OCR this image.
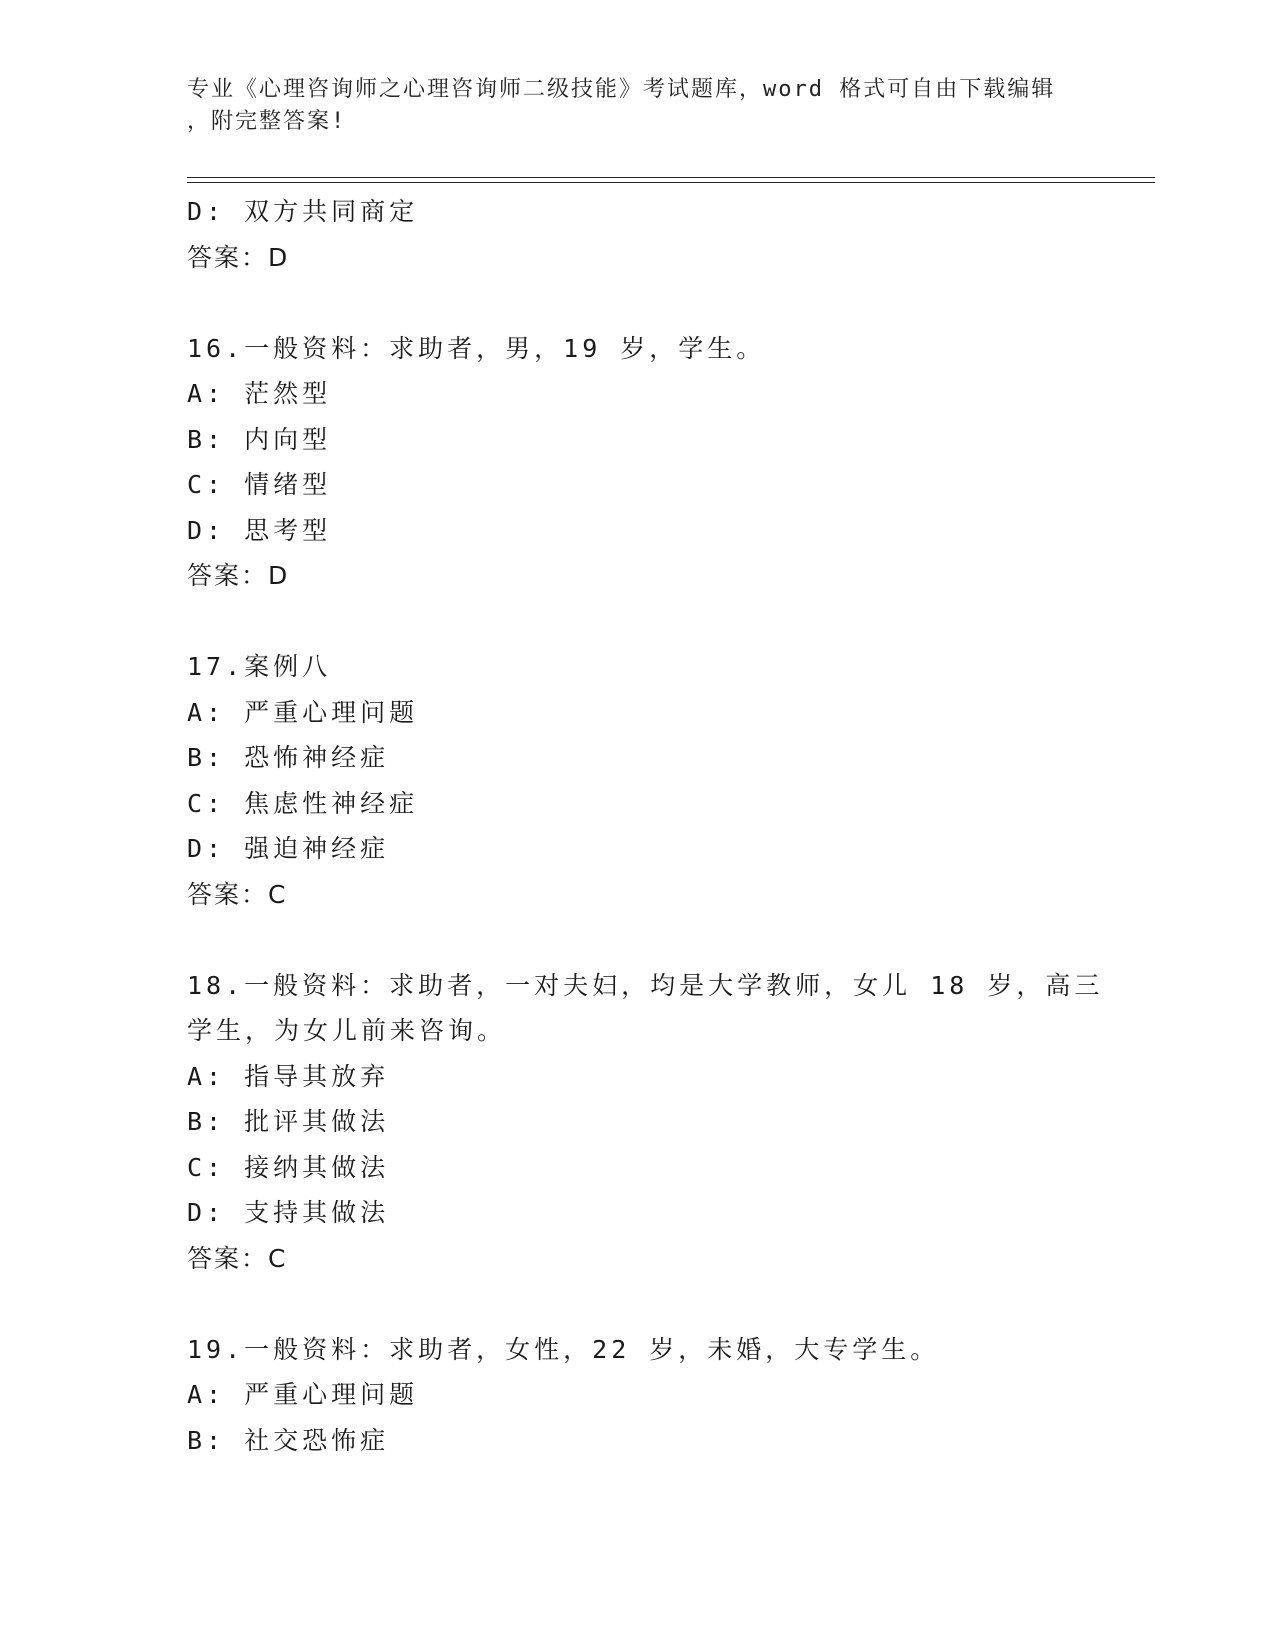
专业《心理咨询师之心理咨询师二级技能》考试题库，word 格式可自由下载编辑
，附完整答案!
D: 双方共同商定
答案：D
16.一般资料：求助者，男，19 岁，学生。
A: 茫然型
B: 内向型
C: 情绪型
D: 思考型
答案：D
17.案例八
A: 严重心理问题
B: 恐怖神经症
C: 焦虑性神经症
D: 强迫神经症
答案：C
18.一般资料：求助者，一对夫妇，均是大学教师，女儿 18 岁，高三
学生，为女儿前来咨询。
A: 指导其放弃
B: 批评其做法
C: 接纳其做法
D: 支持其做法
答案：C
19.一般资料：求助者，女性，22 岁，未婚，大专学生。
A: 严重心理问题
B: 社交恐怖症
